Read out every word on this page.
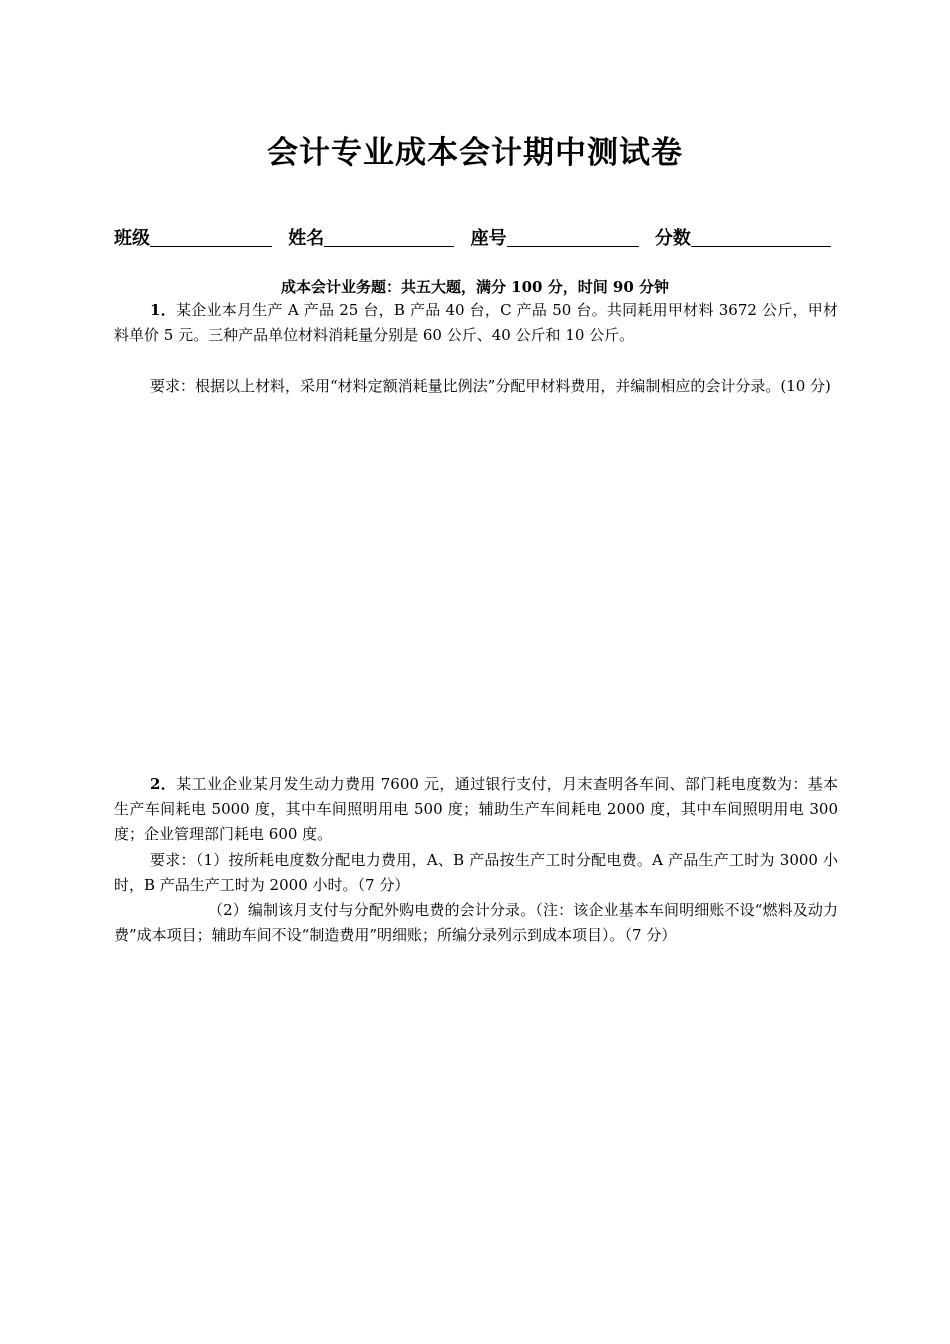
会计专业成本会计期中测试卷
班级	姓名	座号	分数
成本会计业务题：共五大题，满分 100 分，时间 90 分钟
1．某企业本月生产 A 产品 25 台，B 产品 40 台，C 产品 50 台。共同耗用甲材料 3672 公斤，甲材料单价 5 元。三种产品单位材料消耗量分别是 60 公斤、40 公斤和 10 公斤。
要求：根据以上材料，采用“材料定额消耗量比例法”分配甲材料费用，并编制相应的会计分录。(10 分)
2．某工业企业某月发生动力费用 7600 元，通过银行支付，月末查明各车间、部门耗电度数为：基本生产车间耗电 5000 度，其中车间照明用电 500 度；辅助生产车间耗电 2000 度，其中车间照明用电 300 度；企业管理部门耗电 600 度。
要求：（1）按所耗电度数分配电力费用，A、B 产品按生产工时分配电费。A 产品生产工时为 3000 小时，B 产品生产工时为 2000 小时。（7 分）
（2）编制该月支付与分配外购电费的会计分录。（注：该企业基本车间明细账不设“燃料及动力费”成本项目；辅助车间不设“制造费用”明细账；所编分录列示到成本项目）。（7 分）
